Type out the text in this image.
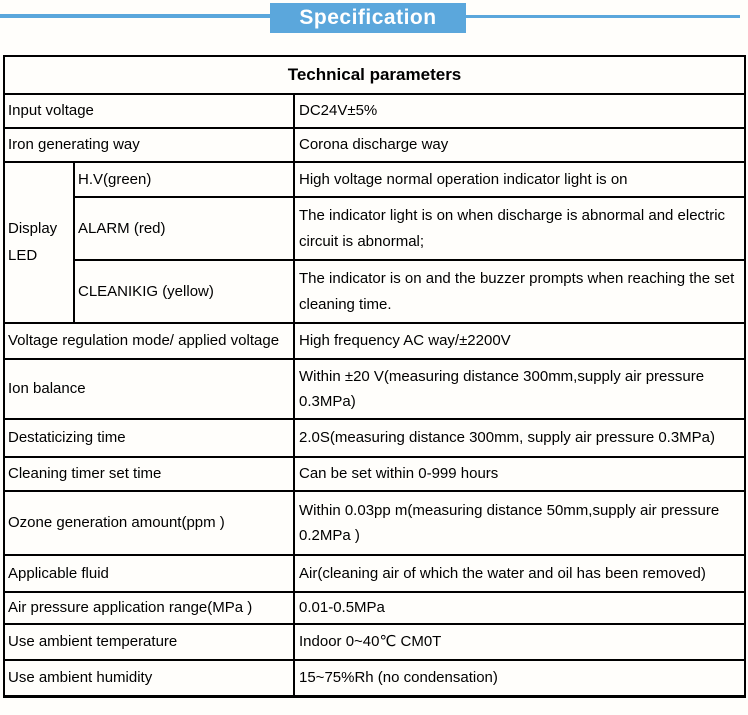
Specification
Technical parameters		
Input voltage		DC24V±5%
Iron generating way		Corona discharge way
Display LED	H.V(green)	High voltage normal operation indicator light is on
	ALARM (red)	The indicator light is on when discharge is abnormal and electric circuit is abnormal;
	CLEANIKIG (yellow)	The indicator is on and the buzzer prompts when reaching the set cleaning time.
Voltage regulation mode/ applied voltage		High frequency AC way/±2200V
Ion balance		Within ±20 V(measuring distance 300mm,supply air pressure 0.3MPa)
Destaticizing time		2.0S(measuring distance 300mm, supply air pressure 0.3MPa)
Cleaning timer set time		Can be set within 0-999 hours
Ozone generation amount(ppm )		Within 0.03pp m(measuring distance 50mm,supply air pressure 0.2MPa )
Applicable fluid		Air(cleaning air of which the water and oil has been removed)
Air pressure application range(MPa )		0.01-0.5MPa
Use ambient temperature		Indoor 0~40℃ CM0T
Use ambient humidity		15~75%Rh (no condensation)
